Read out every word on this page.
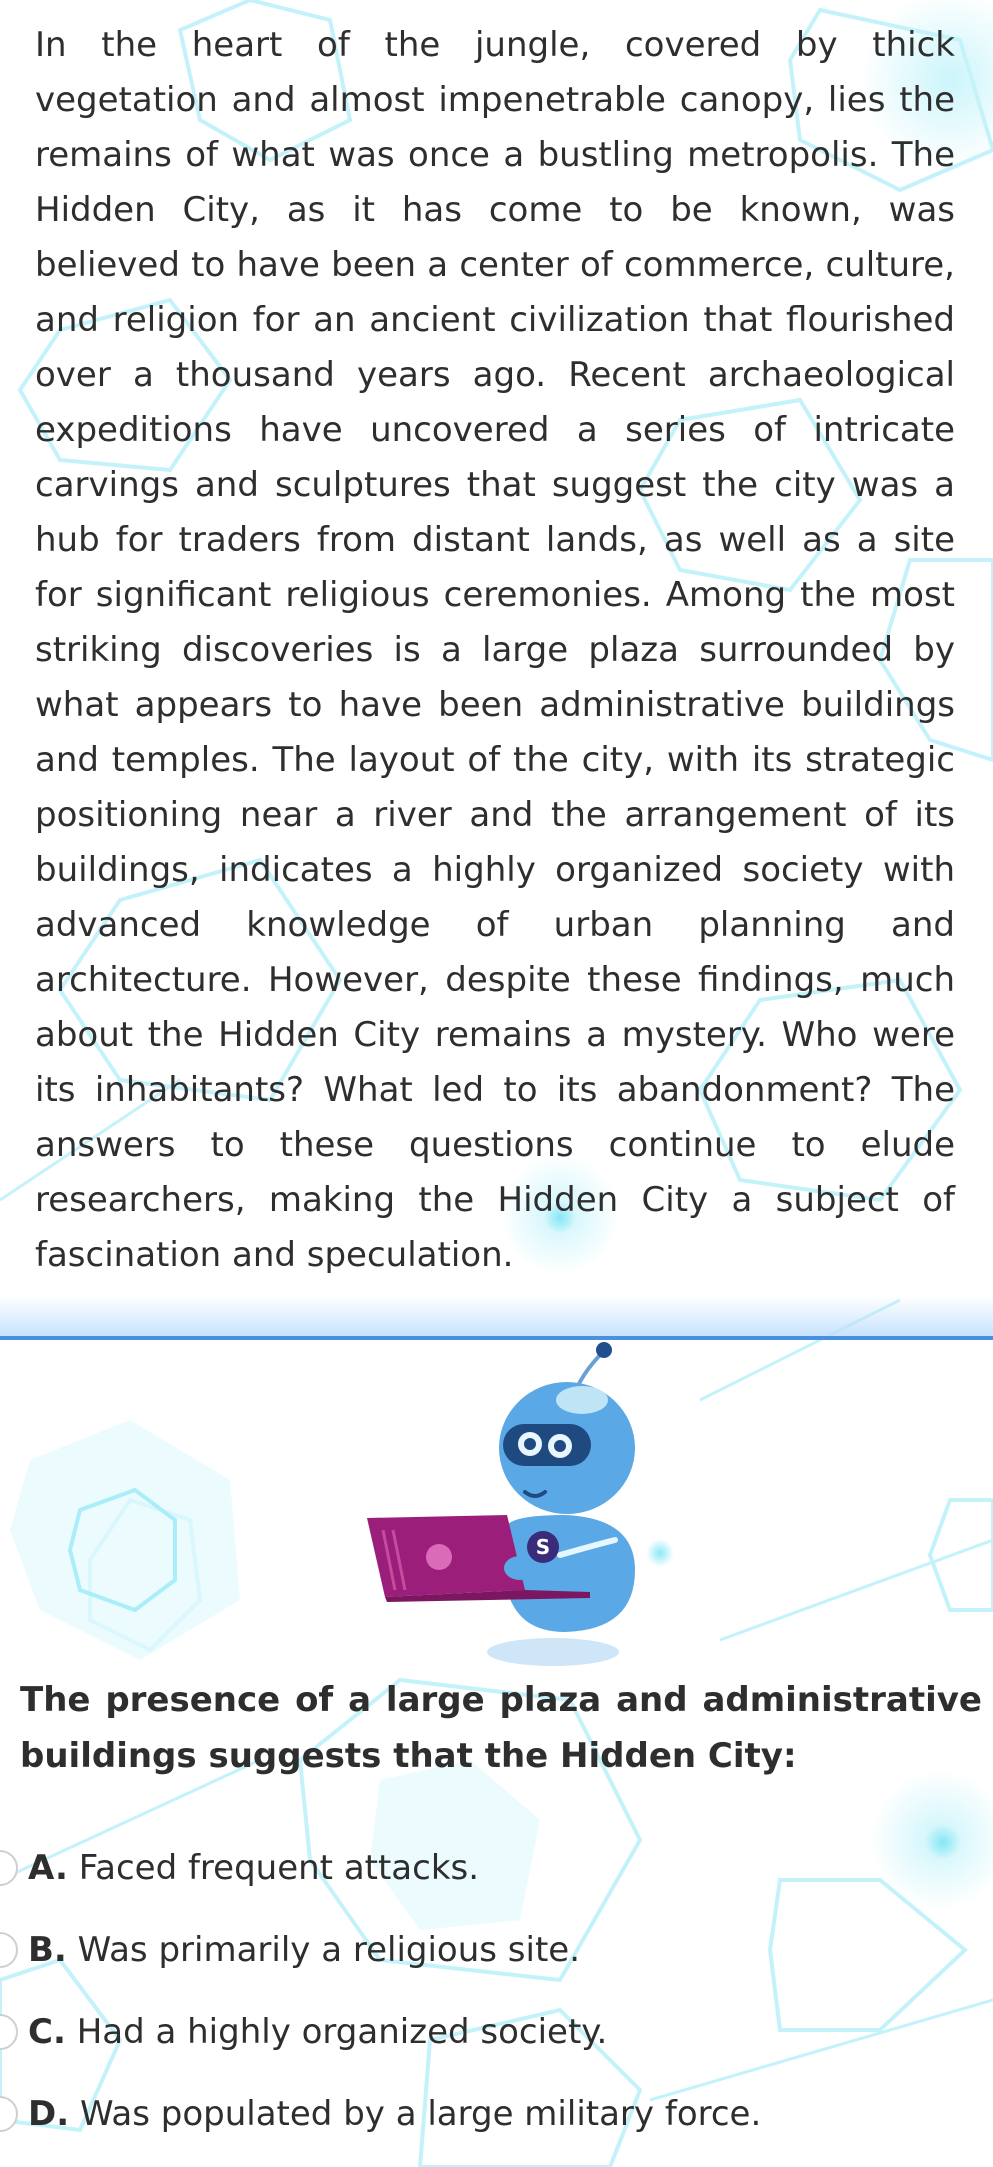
In the heart of the jungle, covered by thick vegetation and almost impenetrable canopy, lies the remains of what was once a bustling metropolis. The Hidden City, as it has come to be known, was believed to have been a center of commerce, culture, and religion for an ancient civilization that flourished over a thousand years ago. Recent archaeological expeditions have uncovered a series of intricate carvings and sculptures that suggest the city was a hub for traders from distant lands, as well as a site for significant religious ceremonies. Among the most striking discoveries is a large plaza surrounded by what appears to have been administrative buildings and temples. The layout of the city, with its strategic positioning near a river and the arrangement of its buildings, indicates a highly organized society with advanced knowledge of urban planning and architecture. However, despite these findings, much about the Hidden City remains a mystery. Who were its inhabitants? What led to its abandonment? The answers to these questions continue to elude researchers, making the Hidden City a subject of fascination and speculation.

S

The presence of a large plaza and administrative buildings suggests that the Hidden City:

A. Faced frequent attacks.
B. Was primarily a religious site.
C. Had a highly organized society.
D. Was populated by a large military force.
